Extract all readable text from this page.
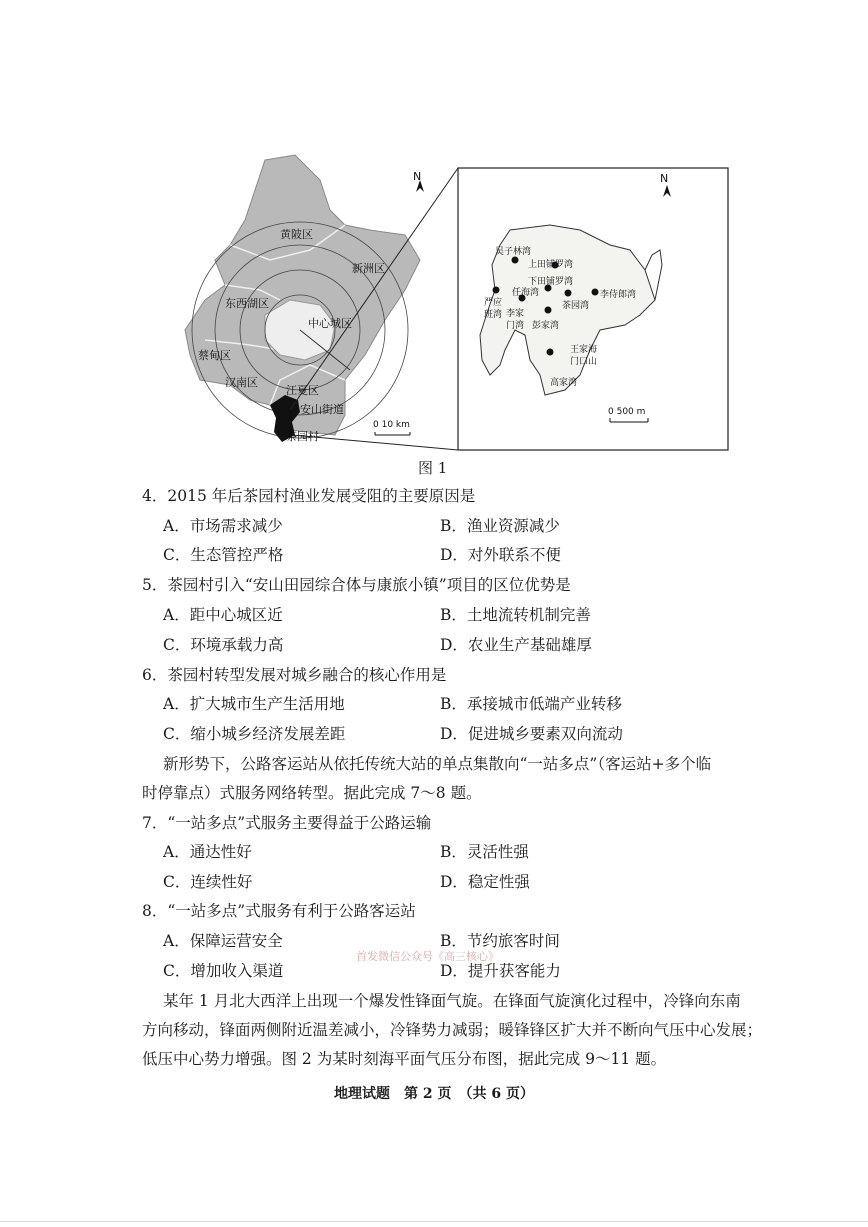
N
黄陂区
新洲区
东西湖区
中心城区
蔡甸区
汉南区
江夏区
安山街道
茶园村
0 10 km
N
吴子林湾
上田铺罗湾
下田铺罗湾
任海湾	李侍郎湾
严应
班湾 李家
门湾
茶园湾
彭家湾
王家海
门口山
高家湾
0 500 m
图 1
4．2015 年后茶园村渔业发展受阻的主要原因是
A．市场需求减少	B．渔业资源减少
C．生态管控严格	D．对外联系不便
5．茶园村引入“安山田园综合体与康旅小镇”项目的区位优势是
A．距中心城区近	B．土地流转机制完善
C．环境承载力高	D．农业生产基础雄厚
6．茶园村转型发展对城乡融合的核心作用是
A．扩大城市生产生活用地	B．承接城市低端产业转移
C．缩小城乡经济发展差距	D．促进城乡要素双向流动
新形势下，公路客运站从依托传统大站的单点集散向“一站多点”（客运站+多个临
时停靠点）式服务网络转型。据此完成 7～8 题。
7．“一站多点”式服务主要得益于公路运输
A．通达性好	B．灵活性强
C．连续性好	D．稳定性强
8．“一站多点”式服务有利于公路客运站
A．保障运营安全	B．节约旅客时间
C．增加收入渠道	D．提升获客能力
首发微信公众号《高三核心》
某年 1 月北大西洋上出现一个爆发性锋面气旋。在锋面气旋演化过程中，冷锋向东南
方向移动，锋面两侧附近温差减小，冷锋势力减弱；暖锋锋区扩大并不断向气压中心发展；
低压中心势力增强。图 2 为某时刻海平面气压分布图，据此完成 9～11 题。
地理试题　第 2 页　（共 6 页）
